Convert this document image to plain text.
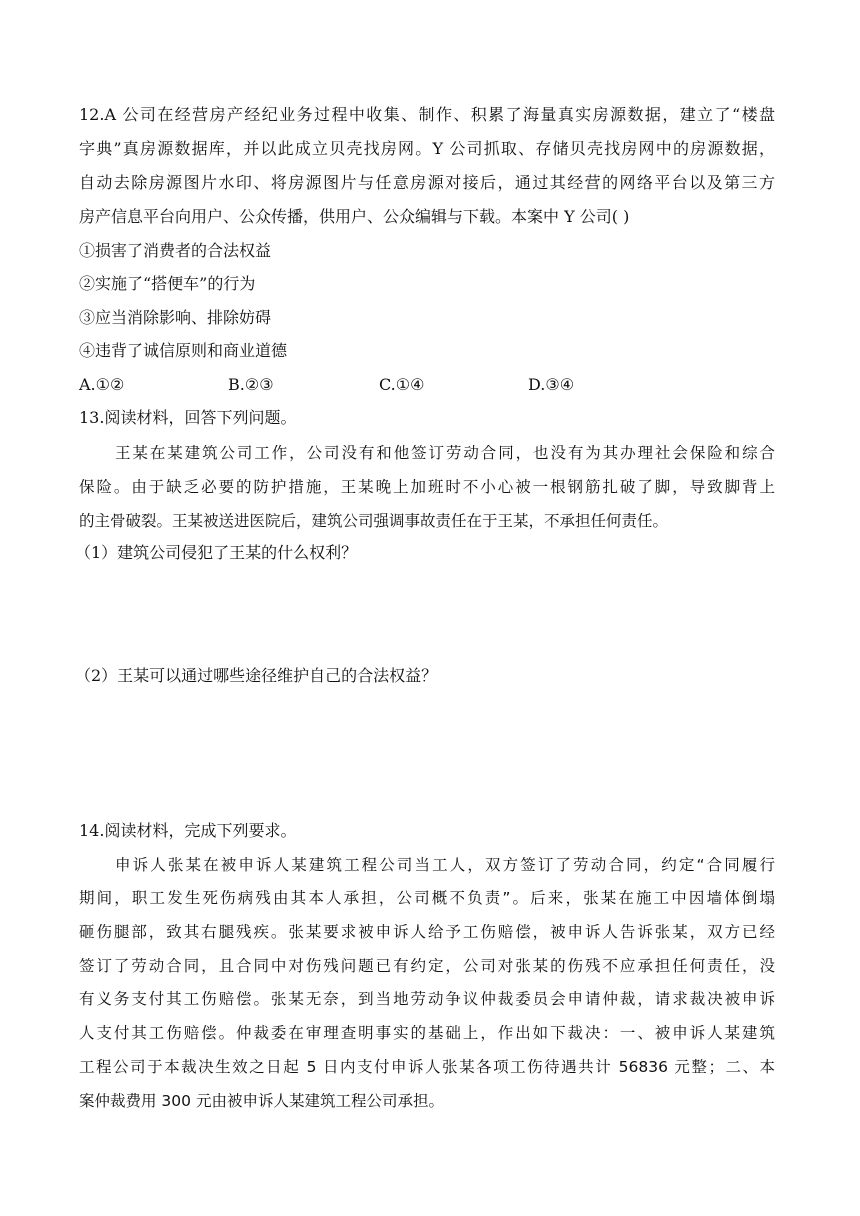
12.A 公司在经营房产经纪业务过程中收集、制作、积累了海量真实房源数据，建立了“楼盘
字典”真房源数据库，并以此成立贝壳找房网。Y 公司抓取、存储贝壳找房网中的房源数据，
自动去除房源图片水印、将房源图片与任意房源对接后，通过其经营的网络平台以及第三方
房产信息平台向用户、公众传播，供用户、公众编辑与下载。本案中 Y 公司( )
①损害了消费者的合法权益
②实施了“搭便车”的行为
③应当消除影响、排除妨碍
④违背了诚信原则和商业道德
A.①②	B.②③	C.①④	D.③④
13.阅读材料，回答下列问题。
王某在某建筑公司工作，公司没有和他签订劳动合同，也没有为其办理社会保险和综合
保险。由于缺乏必要的防护措施，王某晚上加班时不小心被一根钢筋扎破了脚，导致脚背上
的主骨破裂。王某被送进医院后，建筑公司强调事故责任在于王某，不承担任何责任。
（1）建筑公司侵犯了王某的什么权利？
（2）王某可以通过哪些途径维护自己的合法权益？
14.阅读材料，完成下列要求。
申诉人张某在被申诉人某建筑工程公司当工人，双方签订了劳动合同，约定“合同履行
期间，职工发生死伤病残由其本人承担，公司概不负责”。后来，张某在施工中因墙体倒塌
砸伤腿部，致其右腿残疾。张某要求被申诉人给予工伤赔偿，被申诉人告诉张某，双方已经
签订了劳动合同，且合同中对伤残问题已有约定，公司对张某的伤残不应承担任何责任，没
有义务支付其工伤赔偿。张某无奈，到当地劳动争议仲裁委员会申请仲裁，请求裁决被申诉
人支付其工伤赔偿。仲裁委在审理查明事实的基础上，作出如下裁决：一、被申诉人某建筑
工程公司于本裁决生效之日起 5 日内支付申诉人张某各项工伤待遇共计 56836 元整；二、本
案仲裁费用 300 元由被申诉人某建筑工程公司承担。
